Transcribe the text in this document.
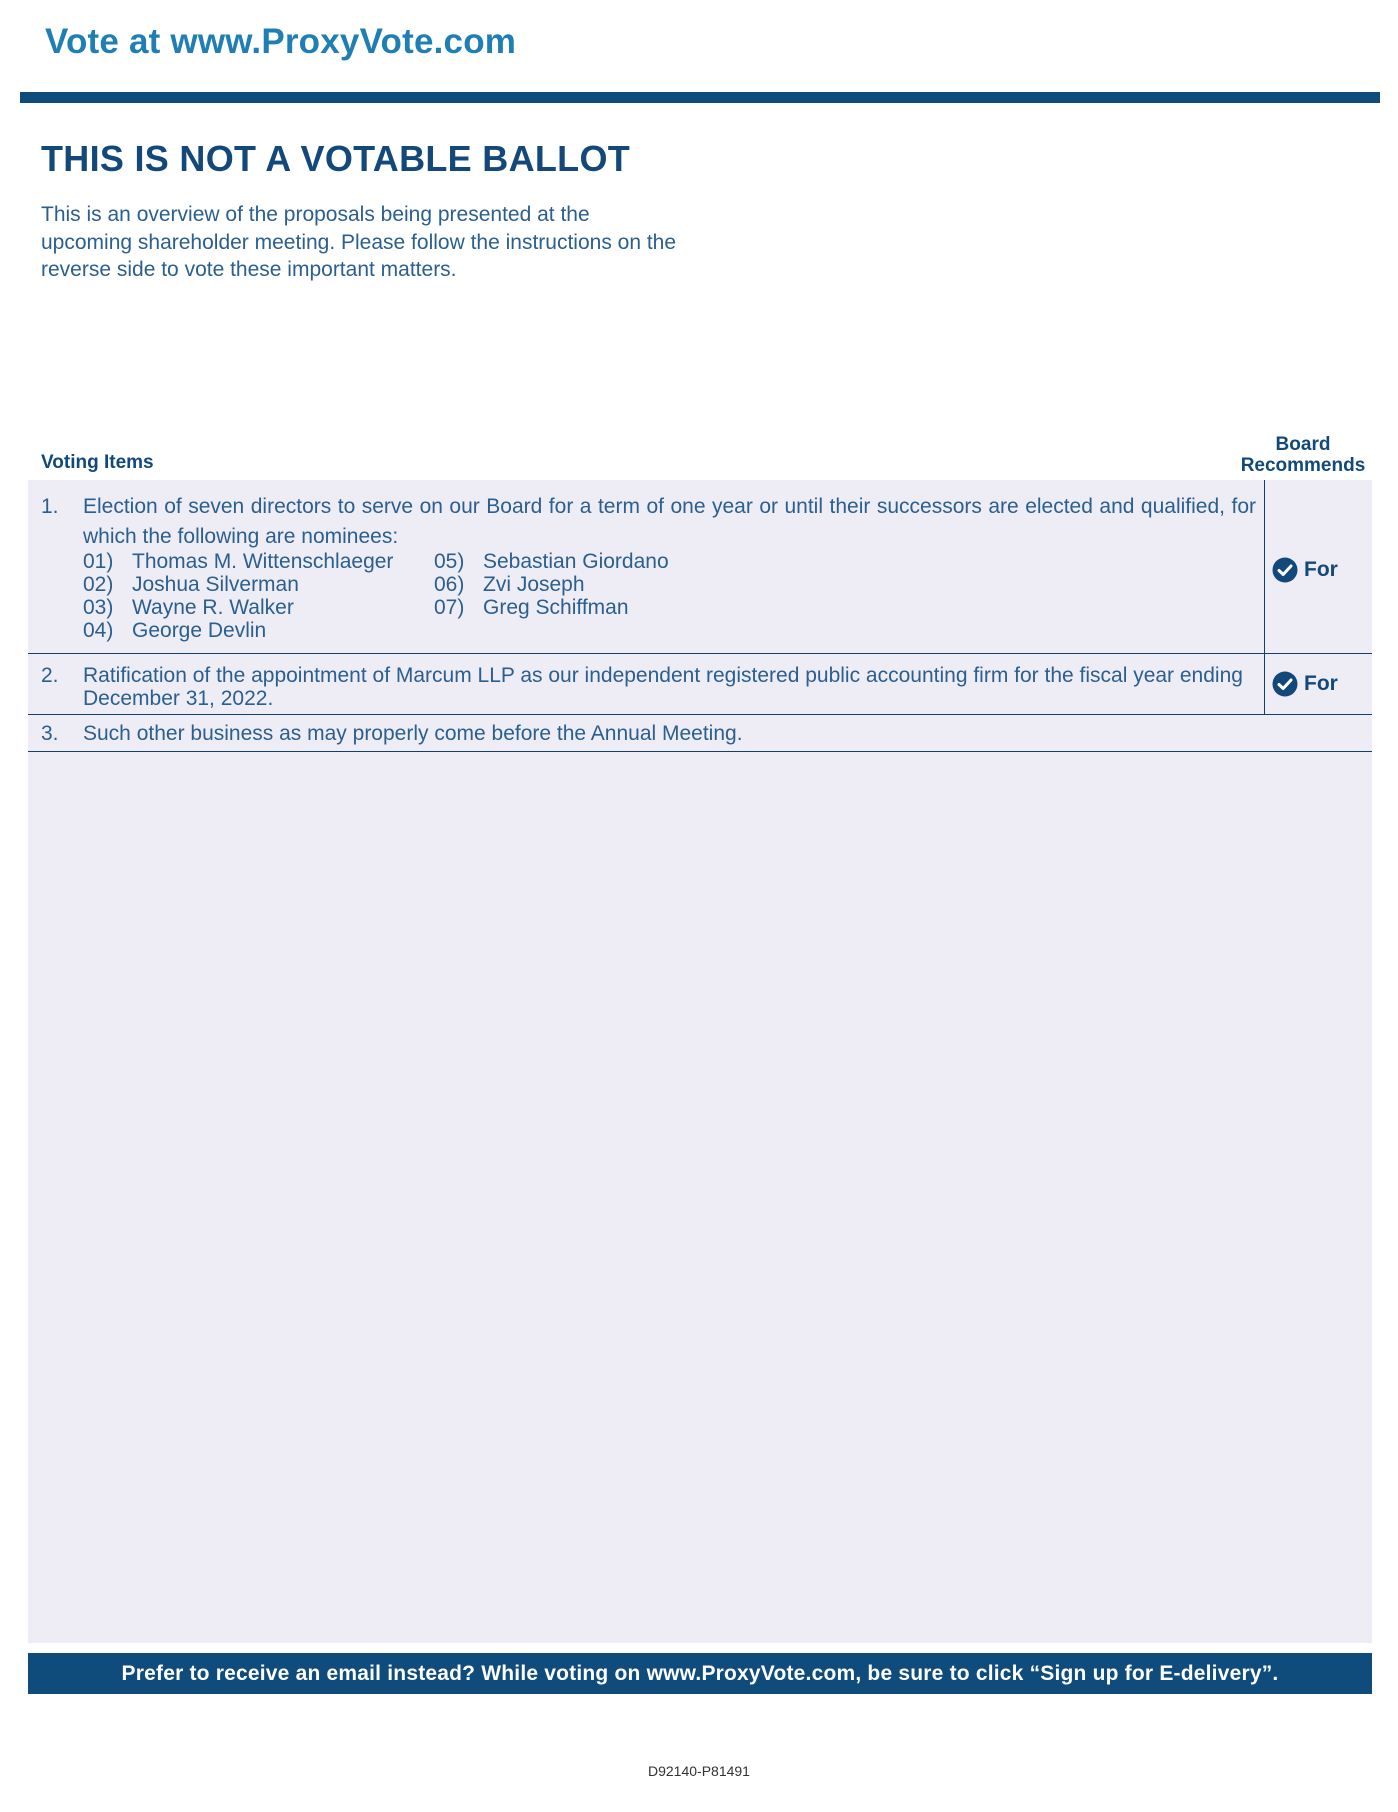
Vote at www.ProxyVote.com
THIS IS NOT A VOTABLE BALLOT
This is an overview of the proposals being presented at the upcoming shareholder meeting. Please follow the instructions on the reverse side to vote these important matters.
Voting Items
Board
Recommends
1. Election of seven directors to serve on our Board for a term of one year or until their successors are elected and qualified, for which the following are nominees:
01) Thomas M. Wittenschlaeger
02) Joshua Silverman
03) Wayne R. Walker
04) George Devlin
05) Sebastian Giordano
06) Zvi Joseph
07) Greg Schiffman
For
2. Ratification of the appointment of Marcum LLP as our independent registered public accounting firm for the fiscal year ending December 31, 2022.
For
3. Such other business as may properly come before the Annual Meeting.
Prefer to receive an email instead? While voting on www.ProxyVote.com, be sure to click “Sign up for E-delivery”.
D92140-P81491
